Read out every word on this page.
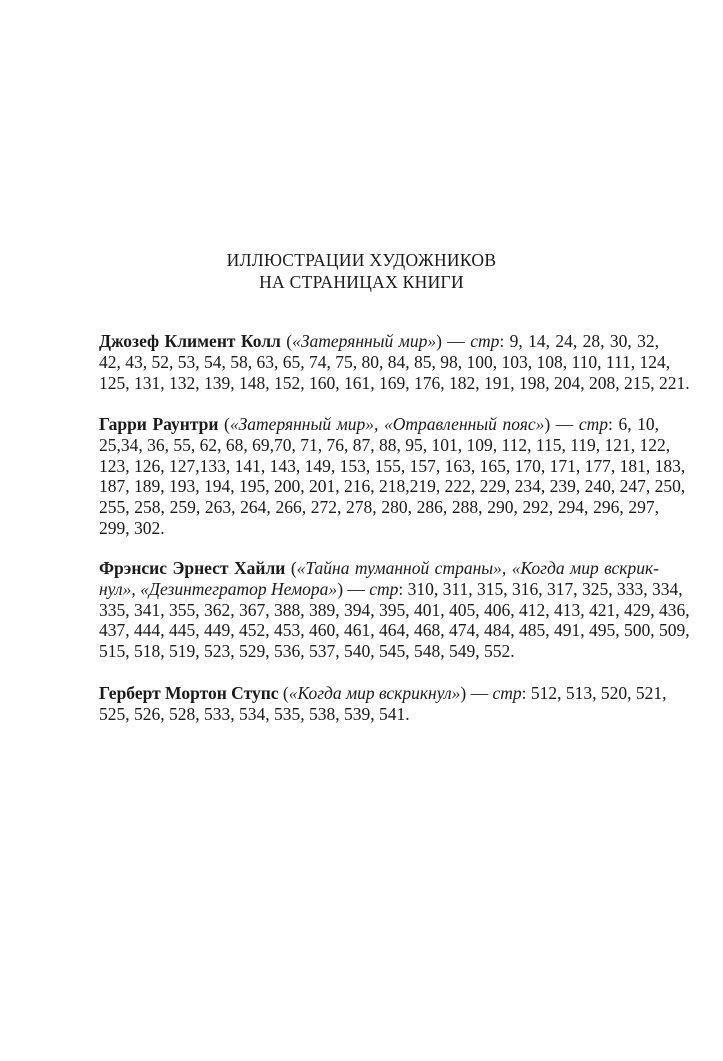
ИЛЛЮСТРАЦИИ ХУДОЖНИКОВ
НА СТРАНИЦАХ КНИГИ
Джозеф Климент Колл («Затерянный мир») — стр: 9, 14, 24, 28, 30, 32,
42, 43, 52, 53, 54, 58, 63, 65, 74, 75, 80, 84, 85, 98, 100, 103, 108, 110, 111, 124,
125, 131, 132, 139, 148, 152, 160, 161, 169, 176, 182, 191, 198, 204, 208, 215, 221.
Гарри Раунтри («Затерянный мир», «Отравленный пояс») — стр: 6, 10,
25,34, 36, 55, 62, 68, 69,70, 71, 76, 87, 88, 95, 101, 109, 112, 115, 119, 121, 122,
123, 126, 127,133, 141, 143, 149, 153, 155, 157, 163, 165, 170, 171, 177, 181, 183,
187, 189, 193, 194, 195, 200, 201, 216, 218,219, 222, 229, 234, 239, 240, 247, 250,
255, 258, 259, 263, 264, 266, 272, 278, 280, 286, 288, 290, 292, 294, 296, 297,
299, 302.
Фрэнсис Эрнест Хайли («Тайна туманной страны», «Когда мир вскрик-
нул», «Дезинтегратор Немора») — стр: 310, 311, 315, 316, 317, 325, 333, 334,
335, 341, 355, 362, 367, 388, 389, 394, 395, 401, 405, 406, 412, 413, 421, 429, 436,
437, 444, 445, 449, 452, 453, 460, 461, 464, 468, 474, 484, 485, 491, 495, 500, 509,
515, 518, 519, 523, 529, 536, 537, 540, 545, 548, 549, 552.
Герберт Мортон Ступс («Когда мир вскрикнул») — стр: 512, 513, 520, 521,
525, 526, 528, 533, 534, 535, 538, 539, 541.
